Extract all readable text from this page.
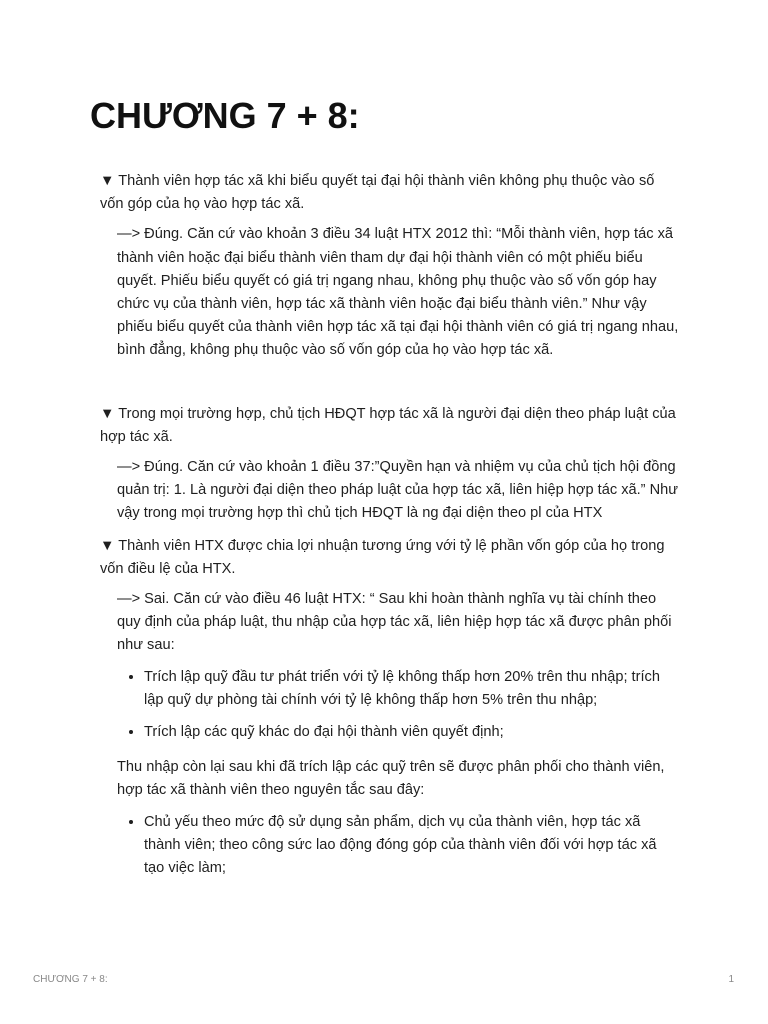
CHƯƠNG 7 + 8:

▼ Thành viên hợp tác xã khi biểu quyết tại đại hội thành viên không phụ thuộc vào số vốn góp của họ vào hợp tác xã.

—> Đúng. Căn cứ vào khoản 3 điều 34 luật HTX 2012 thì: “Mỗi thành viên, hợp tác xã thành viên hoặc đại biểu thành viên tham dự đại hội thành viên có một phiếu biểu quyết. Phiếu biểu quyết có giá trị ngang nhau, không phụ thuộc vào số vốn góp hay chức vụ của thành viên, hợp tác xã thành viên hoặc đại biểu thành viên.” Như vậy phiếu biểu quyết của thành viên hợp tác xã tại đại hội thành viên có giá trị ngang nhau, bình đẳng, không phụ thuộc vào số vốn góp của họ vào hợp tác xã.

▼ Trong mọi trường hợp, chủ tịch HĐQT hợp tác xã là người đại diện theo pháp luật của hợp tác xã.

—> Đúng. Căn cứ vào khoản 1 điều 37:”Quyền hạn và nhiệm vụ của chủ tịch hội đồng quản trị: 1. Là người đại diện theo pháp luật của hợp tác xã, liên hiệp hợp tác xã.” Như vậy trong mọi trường hợp thì chủ tịch HĐQT là ng đại diện theo pl của HTX

▼ Thành viên HTX được chia lợi nhuận tương ứng với tỷ lệ phần vốn góp của họ trong vốn điều lệ của HTX.

—> Sai. Căn cứ vào điều 46 luật HTX: “ Sau khi hoàn thành nghĩa vụ tài chính theo quy định của pháp luật, thu nhập của hợp tác xã, liên hiệp hợp tác xã được phân phối như sau:

• Trích lập quỹ đầu tư phát triển với tỷ lệ không thấp hơn 20% trên thu nhập; trích lập quỹ dự phòng tài chính với tỷ lệ không thấp hơn 5% trên thu nhập;
• Trích lập các quỹ khác do đại hội thành viên quyết định;

Thu nhập còn lại sau khi đã trích lập các quỹ trên sẽ được phân phối cho thành viên, hợp tác xã thành viên theo nguyên tắc sau đây:

• Chủ yếu theo mức độ sử dụng sản phẩm, dịch vụ của thành viên, hợp tác xã thành viên; theo công sức lao động đóng góp của thành viên đối với hợp tác xã tạo việc làm;
CHƯƠNG 7 + 8:	1
